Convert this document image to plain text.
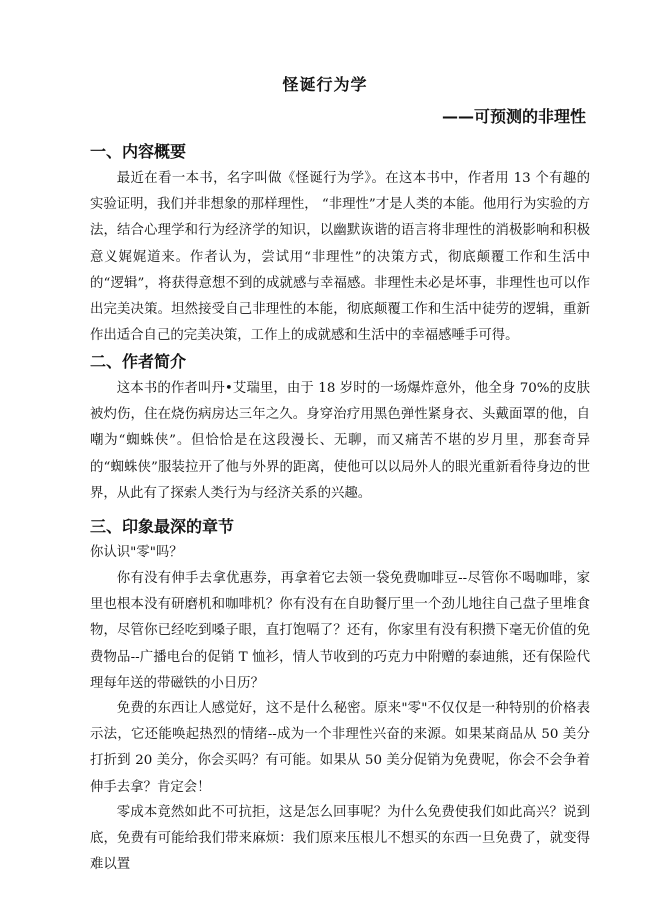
怪诞行为学
——可预测的非理性
一、内容概要

最近在看一本书，名字叫做《怪诞行为学》。在这本书中，作者用 13 个有趣的实验证明，我们并非想象的那样理性， “非理性”才是人类的本能。他用行为实验的方法，结合心理学和行为经济学的知识，以幽默诙谐的语言将非理性的消极影响和积极意义娓娓道来。作者认为，尝试用“非理性”的决策方式，彻底颠覆工作和生活中的“逻辑”，将获得意想不到的成就感与幸福感。非理性未必是坏事，非理性也可以作出完美决策。坦然接受自己非理性的本能，彻底颠覆工作和生活中徒劳的逻辑，重新作出适合自己的完美决策，工作上的成就感和生活中的幸福感唾手可得。

二、作者简介

这本书的作者叫丹•艾瑞里，由于 18 岁时的一场爆炸意外，他全身 70%的皮肤被灼伤，住在烧伤病房达三年之久。身穿治疗用黑色弹性紧身衣、头戴面罩的他，自嘲为“蜘蛛侠”。但恰恰是在这段漫长、无聊，而又痛苦不堪的岁月里，那套奇异的“蜘蛛侠”服装拉开了他与外界的距离，使他可以以局外人的眼光重新看待身边的世界，从此有了探索人类行为与经济关系的兴趣。

三、印象最深的章节

你认识"零"吗？

你有没有伸手去拿优惠券，再拿着它去领一袋免费咖啡豆--尽管你不喝咖啡，家里也根本没有研磨机和咖啡机？你有没有在自助餐厅里一个劲儿地往自己盘子里堆食物，尽管你已经吃到嗓子眼，直打饱嗝了？还有，你家里有没有积攒下毫无价值的免费物品--广播电台的促销 T 恤衫，情人节收到的巧克力中附赠的泰迪熊，还有保险代理每年送的带磁铁的小日历？

免费的东西让人感觉好，这不是什么秘密。原来"零"不仅仅是一种特别的价格表示法，它还能唤起热烈的情绪--成为一个非理性兴奋的来源。如果某商品从 50 美分打折到 20 美分，你会买吗？有可能。如果从 50 美分促销为免费呢，你会不会争着伸手去拿？肯定会！

零成本竟然如此不可抗拒，这是怎么回事呢？为什么免费使我们如此高兴？说到底，免费有可能给我们带来麻烦：我们原来压根儿不想买的东西一旦免费了，就变得难以置
